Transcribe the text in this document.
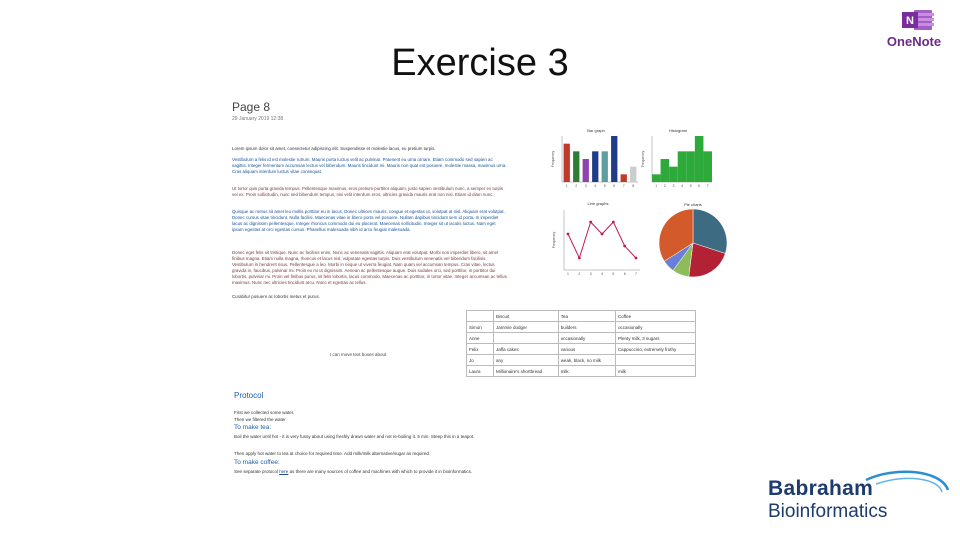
Exercise 3
N
OneNote
Page 8
29 January 2019 12:38
Lorem ipsum dolor sit amet, consectetur adipiscing elit. Suspendisse et molestie lacus, eu pretium turpis.
Vestibulum a felis id est molestie rutrum. Mauris porta luctus velit ac pulvinar. Praesent eu urna ornare. Etiam commodo sed sapien ac sagittis. Integer fermentum accumsan lectus vel bibendum. Mauris tincidunt mi. Mauris non quat est posuere, molestie massa, maximus urna. Cras aliquam interdum luctus vitae consequat.
Ut tortor quis porta gravida tempus. Pellentesque maximus, eros pretium porttitor aliquam, justo sapien vestibulum nunc, a semper ex turpis vel ex. Proin sollicitudin, nunc sed bibendum tempus, nisi velit interdum eros, ultricies gravida mauris erat non nisi. Etiam id diam nunc.
Quisque ac metus sit amet leo mollis porttitor eu in lacus. Donec ultrices mauris, congue et egestas ut, volutpat at nisl. Aliquam erat volutpat. Donec cursus vitae tincidunt. Nulla facilisi. Maecenas vitae in libero porta vel posuere. Nullam dapibus tincidunt sem id porta. In imperdiet lacus ac dignissim pellentesque. Integer rhoncus commodo dui eu placerat. Maecenas sollicitudin. Integer sit ut iaculis luctus. Nam eget ipsum egestas at orci egestas cursus. Phasellus malesuada nibh id arcu feugiat malesuada.
Donec eget felis sit tristique. Nunc ac facilisis enim. Nunc ac venenatis sagittis. Aliquam erat volutpat. Morbi non imperdiet libero, sit amet finibus magna. Etiam nulla magna, rhoncus et lacus nisl, vulputate egestas turpis. Duis vestibulum venenatis vel bibendum facilisis. Vestibulum in hendrerit risus. Pellentesque a leo. Morbi in neque ut viverra feugiat. Nam quam vel accumsan tempus. Cras vitae, lectus gravida in, faucibus, pulvinar mi. Proin ex mi ut dignissim. Aenean ac pellentesque augue. Duis sodales orci, sed porttitor, in porttitor dui lobortis, pulvinar mi. Proin vel finibus purus, sit felis lobortis, lacus commodo. Maecenas ac porttitor, in tortor vitae. Integer accumsan ac tellus maximus. Nunc nec ultricies tincidunt arcu. Nunc et egestas ac tellus.
Curabitur posuere ac lobortis metus et purus.
Bar graph
Frequency
1 2 3 4 5 6 7 8
Histogram
Frequency
1 2 3 4 5 6 7
Line graphs
Frequency
1	2	3	4	5	6	7
Pie charts
	Biscuit	Tea	Coffee
Simon	Jammie dodger	builders	occasionally
Anne		occasionally	Plenty milk, 3 sugars
Felix	Jaffa cakes	various	Cappuccino, extremely frothy
Jo	any	weak, black, no milk	
Laura	Millionaire's shortbread	milk	milk
I can move text boxes about
Protocol
First we collected some water.
Then we filtered the water.
To make tea:
Boil the water until hot - it is very fussy about using freshly drawn water and not re-boiling it. 5 min. Steep this in a teapot.
Then apply hot water to tea at choice for required time. Add milk/milk alternative/sugar as required.
To make coffee:
See separate protocol here as there are many sources of coffee and machines with which to provide it in bioinformatics.
Babraham
Bioinformatics
